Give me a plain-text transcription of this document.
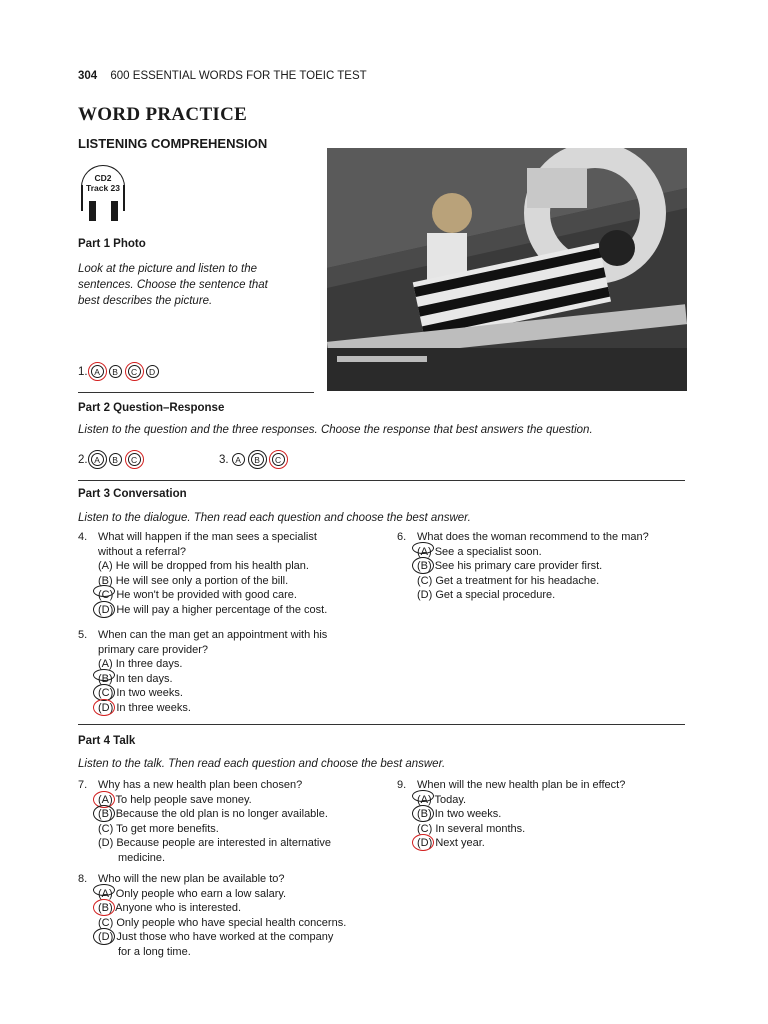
304 600 ESSENTIAL WORDS FOR THE TOEIC TEST
WORD PRACTICE
LISTENING COMPREHENSION
CD2
Track 23
Part 1 Photo
Look at the picture and listen to the sentences. Choose the sentence that best describes the picture.
1. A	B	C	D
Part 2 Question–Response
Listen to the question and the three responses. Choose the response that best answers the question.
2. A	B	C	3. A	B	C
Part 3 Conversation
Listen to the dialogue. Then read each question and choose the best answer.
4. What will happen if the man sees a specialist
without a referral?
(A) He will be dropped from his health plan.
(B) He will see only a portion of the bill.
(C) He won't be provided with good care.
(D) He will pay a higher percentage of the cost.
6. What does the woman recommend to the man?
(A) See a specialist soon.
(B) See his primary care provider first.
(C) Get a treatment for his headache.
(D) Get a special procedure.
5. When can the man get an appointment with his
primary care provider?
(A) In three days.
(B) In ten days.
(C) In two weeks.
(D) In three weeks.
Part 4 Talk
Listen to the talk. Then read each question and choose the best answer.
7. Why has a new health plan been chosen?
(A) To help people save money.
(B) Because the old plan is no longer available.
(C) To get more benefits.
(D) Because people are interested in alternative
medicine.
9. When will the new health plan be in effect?
(A) Today.
(B) In two weeks.
(C) In several months.
(D) Next year.
8. Who will the new plan be available to?
(A) Only people who earn a low salary.
(B) Anyone who is interested.
(C) Only people who have special health concerns.
(D) Just those who have worked at the company
for a long time.
